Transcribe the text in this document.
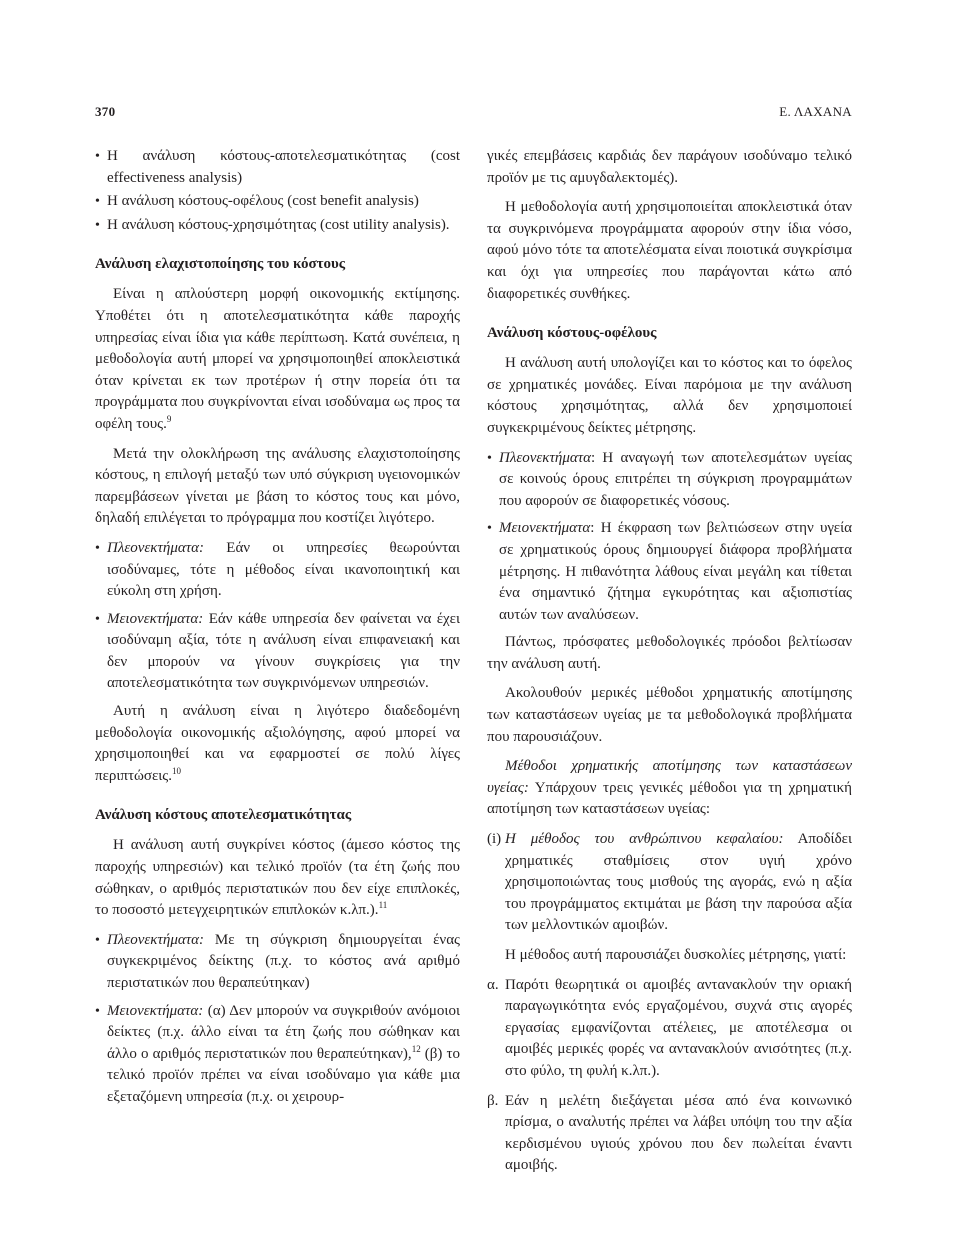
370	Ε. ΛΑΧΑΝΑ
• Η ανάλυση κόστους-αποτελεσματικότητας (cost effectiveness analysis)
• Η ανάλυση κόστους-οφέλους (cost benefit analysis)
• Η ανάλυση κόστους-χρησιμότητας (cost utility analysis).
Ανάλυση ελαχιστοποίησης του κόστους

Είναι η απλούστερη μορφή οικονομικής εκτίμησης. Υποθέτει ότι η αποτελεσματικότητα κάθε παροχής υπηρεσίας είναι ίδια για κάθε περίπτωση. Κατά συνέπεια, η μεθοδολογία αυτή μπορεί να χρησιμοποιηθεί αποκλειστικά όταν κρίνεται εκ των προτέρων ή στην πορεία ότι τα προγράμματα που συγκρίνονται είναι ισοδύναμα ως προς τα οφέλη τους.$^9$

Μετά την ολοκλήρωση της ανάλυσης ελαχιστοποίησης κόστους, η επιλογή μεταξύ των υπό σύγκριση υγειονομικών παρεμβάσεων γίνεται με βάση το κόστος τους και μόνο, δηλαδή επιλέγεται το πρόγραμμα που κοστίζει λιγότερο.

• Πλεονεκτήματα: Εάν οι υπηρεσίες θεωρούνται ισοδύναμες, τότε η μέθοδος είναι ικανοποιητική και εύκολη στη χρήση.
• Μειονεκτήματα: Εάν κάθε υπηρεσία δεν φαίνεται να έχει ισοδύναμη αξία, τότε η ανάλυση είναι επιφανειακή και δεν μπορούν να γίνουν συγκρίσεις για την αποτελεσματικότητα των συγκρινόμενων υπηρεσιών.

Αυτή η ανάλυση είναι η λιγότερο διαδεδομένη μεθοδολογία οικονομικής αξιολόγησης, αφού μπορεί να χρησιμοποιηθεί και να εφαρμοστεί σε πολύ λίγες περιπτώσεις.$^{10}$

Ανάλυση κόστους αποτελεσματικότητας

Η ανάλυση αυτή συγκρίνει κόστος (άμεσο κόστος της παροχής υπηρεσιών) και τελικό προϊόν (τα έτη ζωής που σώθηκαν, ο αριθμός περιστατικών που δεν είχε επιπλοκές, το ποσοστό μετεγχειρητικών επιπλοκών κ.λπ.).$^{11}$

• Πλεονεκτήματα: Με τη σύγκριση δημιουργείται ένας συγκεκριμένος δείκτης (π.χ. το κόστος ανά αριθμό περιστατικών που θεραπεύτηκαν)
• Μειονεκτήματα: (α) Δεν μπορούν να συγκριθούν ανόμοιοι δείκτες (π.χ. άλλο είναι τα έτη ζωής που σώθηκαν και άλλο ο αριθμός περιστατικών που θεραπεύτηκαν),$^{12}$ (β) το τελικό προϊόν πρέπει να είναι ισοδύναμο για κάθε μια εξεταζόμενη υπηρεσία (π.χ. οι χειρουρ-

γικές επεμβάσεις καρδιάς δεν παράγουν ισοδύναμο τελικό προϊόν με τις αμυγδαλεκτομές).

Η μεθοδολογία αυτή χρησιμοποιείται αποκλειστικά όταν τα συγκρινόμενα προγράμματα αφορούν στην ίδια νόσο, αφού μόνο τότε τα αποτελέσματα είναι ποιοτικά συγκρίσιμα και όχι για υπηρεσίες που παράγονται κάτω από διαφορετικές συνθήκες.

Ανάλυση κόστους-οφέλους

Η ανάλυση αυτή υπολογίζει και το κόστος και το όφελος σε χρηματικές μονάδες. Είναι παρόμοια με την ανάλυση κόστους χρησιμότητας, αλλά δεν χρησιμοποιεί συγκεκριμένους δείκτες μέτρησης.

• Πλεονεκτήματα: Η αναγωγή των αποτελεσμάτων υγείας σε κοινούς όρους επιτρέπει τη σύγκριση προγραμμάτων που αφορούν σε διαφορετικές νόσους.
• Μειονεκτήματα: Η έκφραση των βελτιώσεων στην υγεία σε χρηματικούς όρους δημιουργεί διάφορα προβλήματα μέτρησης. Η πιθανότητα λάθους είναι μεγάλη και τίθεται ένα σημαντικό ζήτημα εγκυρότητας και αξιοπιστίας αυτών των αναλύσεων.

Πάντως, πρόσφατες μεθοδολογικές πρόοδοι βελτίωσαν την ανάλυση αυτή.

Ακολουθούν μερικές μέθοδοι χρηματικής αποτίμησης των καταστάσεων υγείας με τα μεθοδολογικά προβλήματα που παρουσιάζουν.

Μέθοδοι χρηματικής αποτίμησης των καταστάσεων υγείας: Υπάρχουν τρεις γενικές μέθοδοι για τη χρηματική αποτίμηση των καταστάσεων υγείας:

(i) Η μέθοδος του ανθρώπινου κεφαλαίου: Αποδίδει χρηματικές σταθμίσεις στον υγιή χρόνο χρησιμοποιώντας τους μισθούς της αγοράς, ενώ η αξία του προγράμματος εκτιμάται με βάση την παρούσα αξία των μελλοντικών αμοιβών.

Η μέθοδος αυτή παρουσιάζει δυσκολίες μέτρησης, γιατί:

α. Παρότι θεωρητικά οι αμοιβές αντανακλούν την οριακή παραγωγικότητα ενός εργαζομένου, συχνά στις αγορές εργασίας εμφανίζονται ατέλειες, με αποτέλεσμα οι αμοιβές μερικές φορές να αντανακλούν ανισότητες (π.χ. στο φύλο, τη φυλή κ.λπ.).
β. Εάν η μελέτη διεξάγεται μέσα από ένα κοινωνικό πρίσμα, ο αναλυτής πρέπει να λάβει υπόψη του την αξία κερδισμένου υγιούς χρόνου που δεν πωλείται έναντι αμοιβής.
